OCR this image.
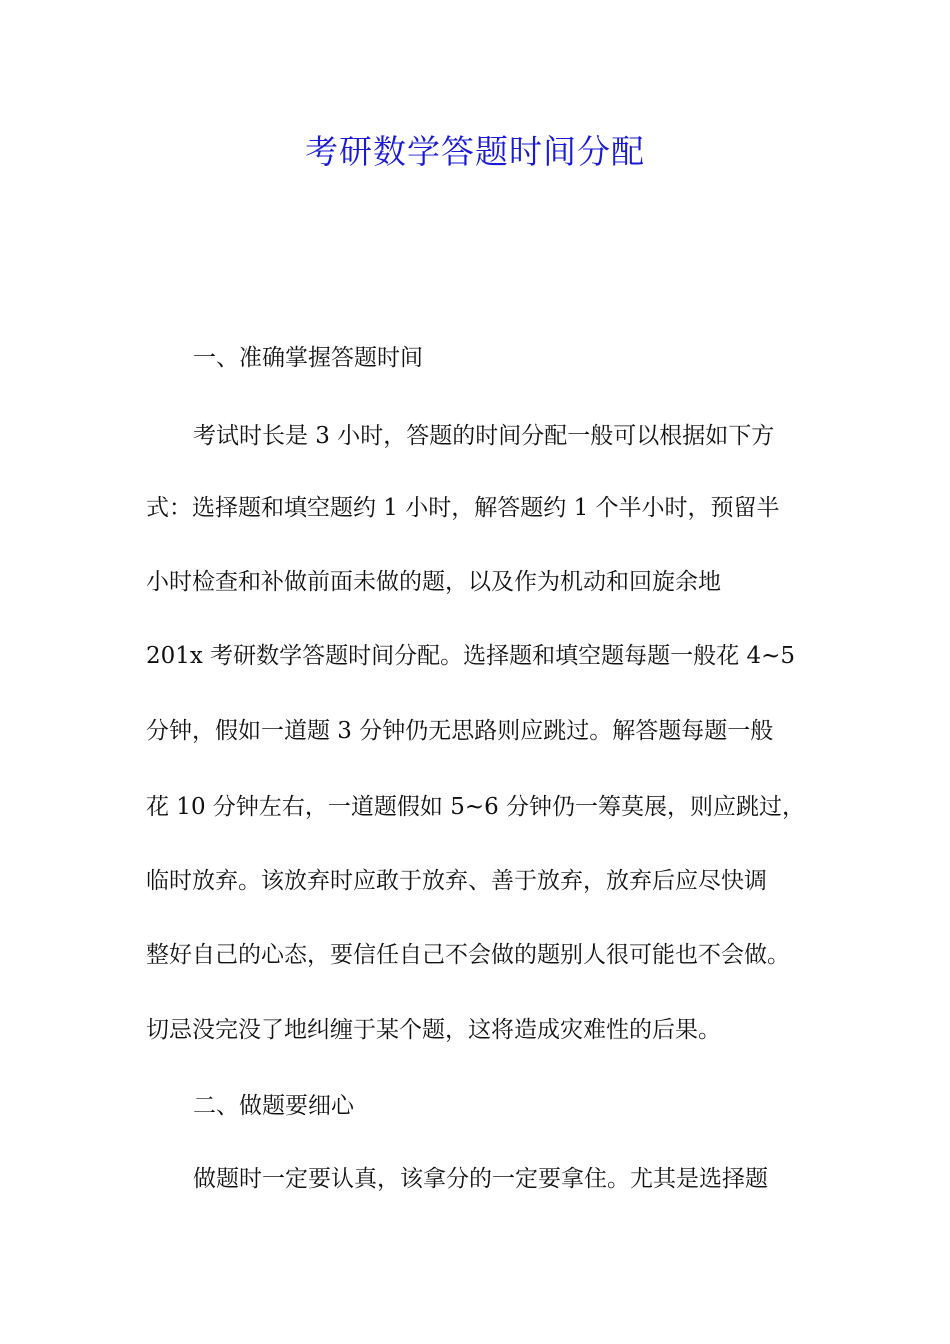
考研数学答题时间分配
一、准确掌握答题时间
考试时长是 3 小时，答题的时间分配一般可以根据如下方
式：选择题和填空题约 1 小时，解答题约 1 个半小时，预留半
小时检查和补做前面未做的题，以及作为机动和回旋余地
201x 考研数学答题时间分配。选择题和填空题每题一般花 4~5
分钟，假如一道题 3 分钟仍无思路则应跳过。解答题每题一般
花 10 分钟左右，一道题假如 5~6 分钟仍一筹莫展，则应跳过，
临时放弃。该放弃时应敢于放弃、善于放弃，放弃后应尽快调
整好自己的心态，要信任自己不会做的题别人很可能也不会做。
切忌没完没了地纠缠于某个题，这将造成灾难性的后果。
二、做题要细心
做题时一定要认真，该拿分的一定要拿住。尤其是选择题
